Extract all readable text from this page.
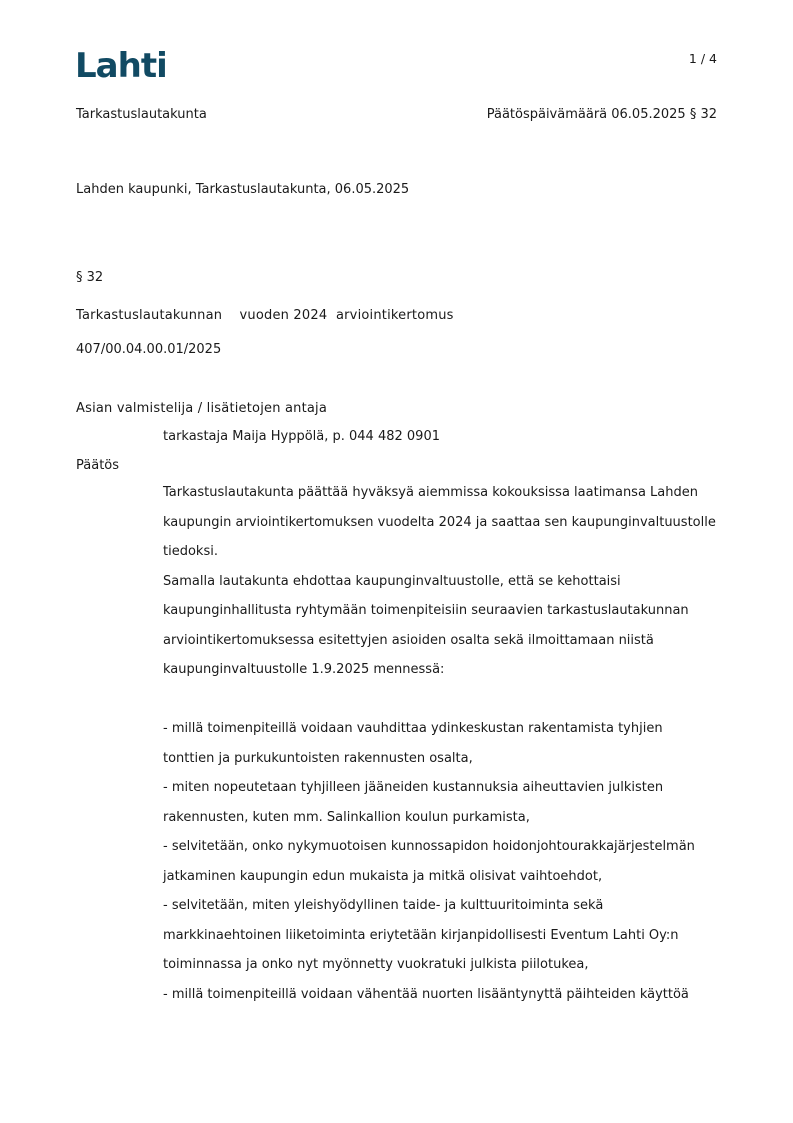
Lahti	1 / 4
Tarkastuslautakunta	Päätöspäivämäärä 06.05.2025 § 32
Lahden kaupunki, Tarkastuslautakunta, 06.05.2025
§ 32
Tarkastuslautakunnan    vuoden 2024  arviointikertomus
407/00.04.00.01/2025
Asian valmistelija / lisätietojen antaja
tarkastaja Maija Hyppölä, p. 044 482 0901
Päätös

Tarkastuslautakunta päättää hyväksyä aiemmissa kokouksissa laatimansa Lahden

kaupungin arviointikertomuksen vuodelta 2024 ja saattaa sen kaupunginvaltuustolle

tiedoksi.

Samalla lautakunta ehdottaa kaupunginvaltuustolle, että se kehottaisi

kaupunginhallitusta ryhtymään toimenpiteisiin seuraavien tarkastuslautakunnan

arviointikertomuksessa esitettyjen asioiden osalta sekä ilmoittamaan niistä

kaupunginvaltuustolle 1.9.2025 mennessä:

- millä toimenpiteillä voidaan vauhdittaa ydinkeskustan rakentamista tyhjien

tonttien ja purkukuntoisten rakennusten osalta,

- miten nopeutetaan tyhjilleen jääneiden kustannuksia aiheuttavien julkisten

rakennusten, kuten mm. Salinkallion koulun purkamista,

- selvitetään, onko nykymuotoisen kunnossapidon hoidonjohtourakkajärjestelmän

jatkaminen kaupungin edun mukaista ja mitkä olisivat vaihtoehdot,

- selvitetään, miten yleishyödyllinen taide- ja kulttuuritoiminta sekä

markkinaehtoinen liiketoiminta eriytetään kirjanpidollisesti Eventum Lahti Oy:n

toiminnassa ja onko nyt myönnetty vuokratuki julkista piilotukea,

- millä toimenpiteillä voidaan vähentää nuorten lisääntynyttä päihteiden käyttöä
